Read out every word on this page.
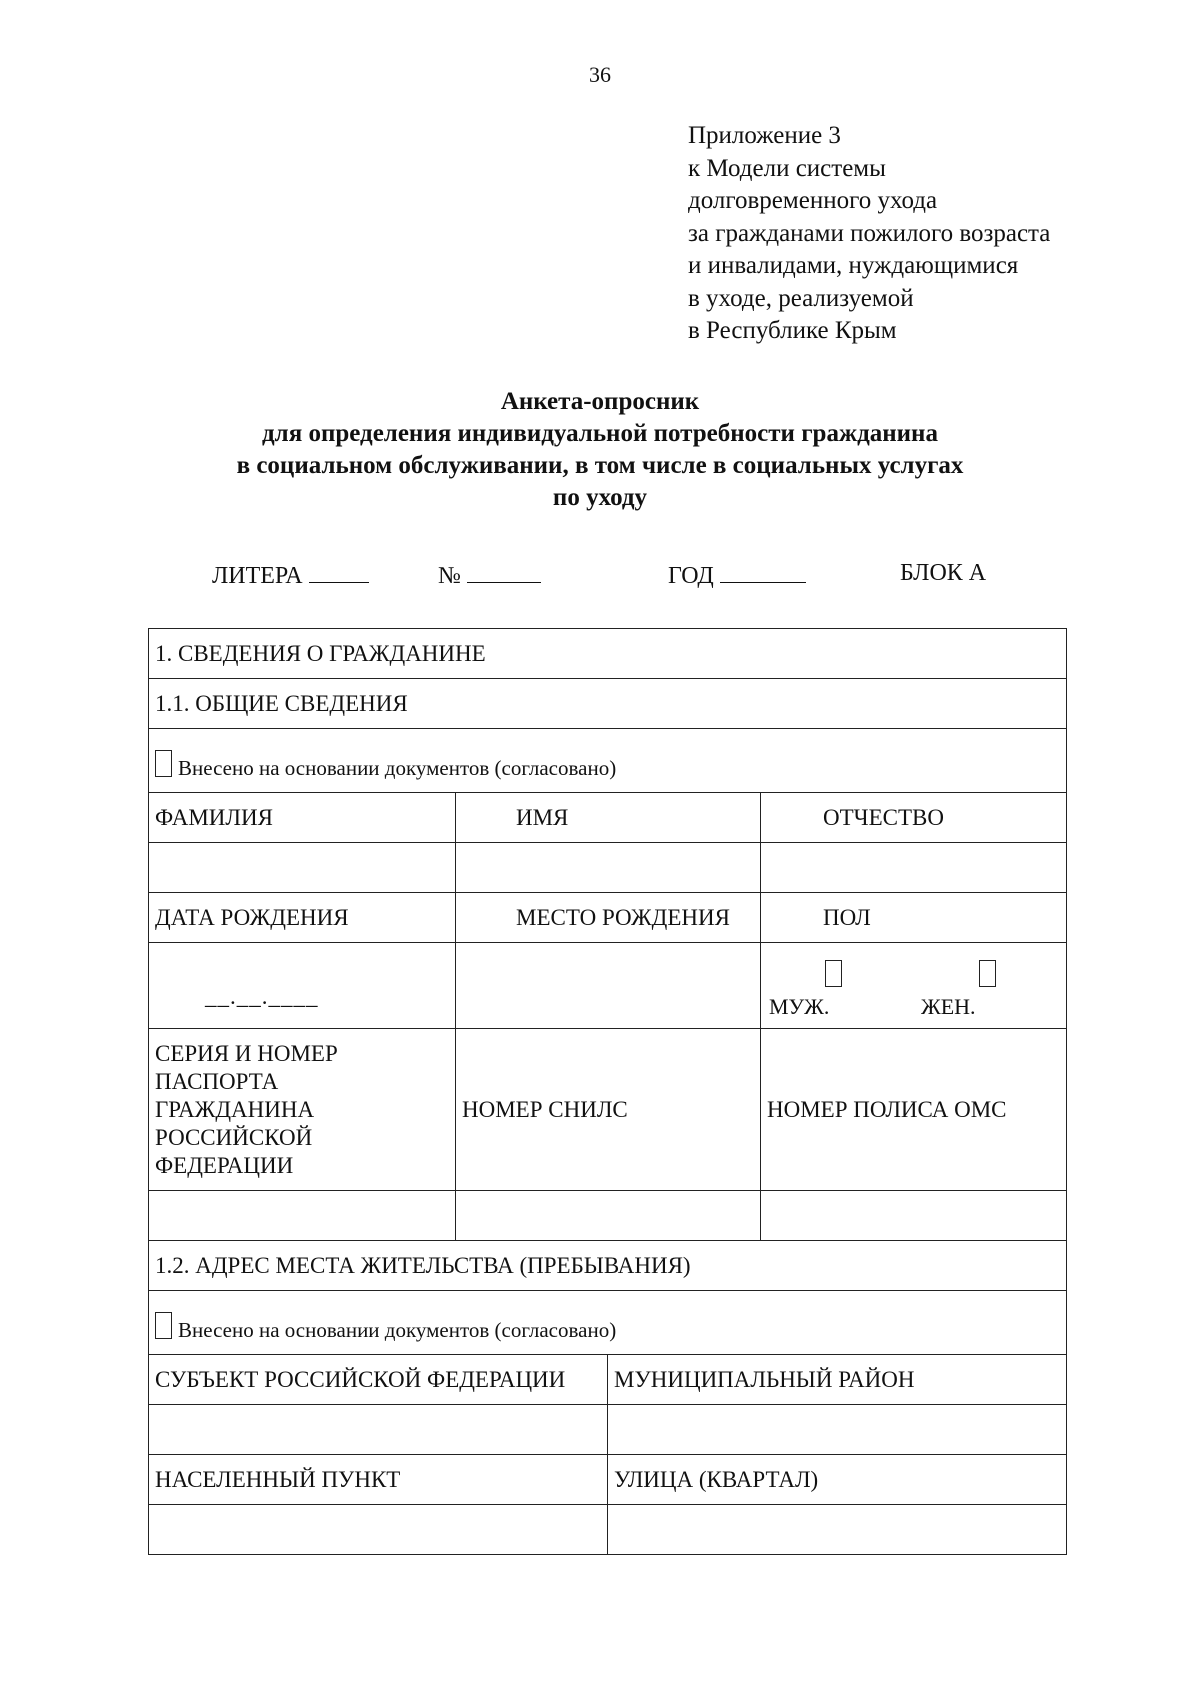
36
Приложение 3
к Модели системы
долговременного ухода
за гражданами пожилого возраста
и инвалидами, нуждающимися
в уходе, реализуемой
в Республике Крым
Анкета-опросник
для определения индивидуальной потребности гражданина
в социальном обслуживании, в том числе в социальных услугах
по уходу
ЛИТЕРА	№	ГОД	БЛОК А
1. СВЕДЕНИЯ О ГРАЖДАНИНЕ			
1.1. ОБЩИЕ СВЕДЕНИЯ			
Внесено на основании документов (согласовано)			
ФАМИЛИЯ	ИМЯ		ОТЧЕСТВО

ДАТА РОЖДЕНИЯ	МЕСТО РОЖДЕНИЯ		ПОЛ
__.__.____			МУЖ. ЖЕН.

СЕРИЯ И НОМЕР
ПАСПОРТА
ГРАЖДАНИНА
РОССИЙСКОЙ
ФЕДЕРАЦИИ	НОМЕР СНИЛС		НОМЕР ПОЛИСА ОМС

1.2. АДРЕС МЕСТА ЖИТЕЛЬСТВА (ПРЕБЫВАНИЯ)			
Внесено на основании документов (согласовано)			
СУБЪЕКТ РОССИЙСКОЙ ФЕДЕРАЦИИ		МУНИЦИПАЛЬНЫЙ РАЙОН	

НАСЕЛЕННЫЙ ПУНКТ		УЛИЦА (КВАРТАЛ)	
